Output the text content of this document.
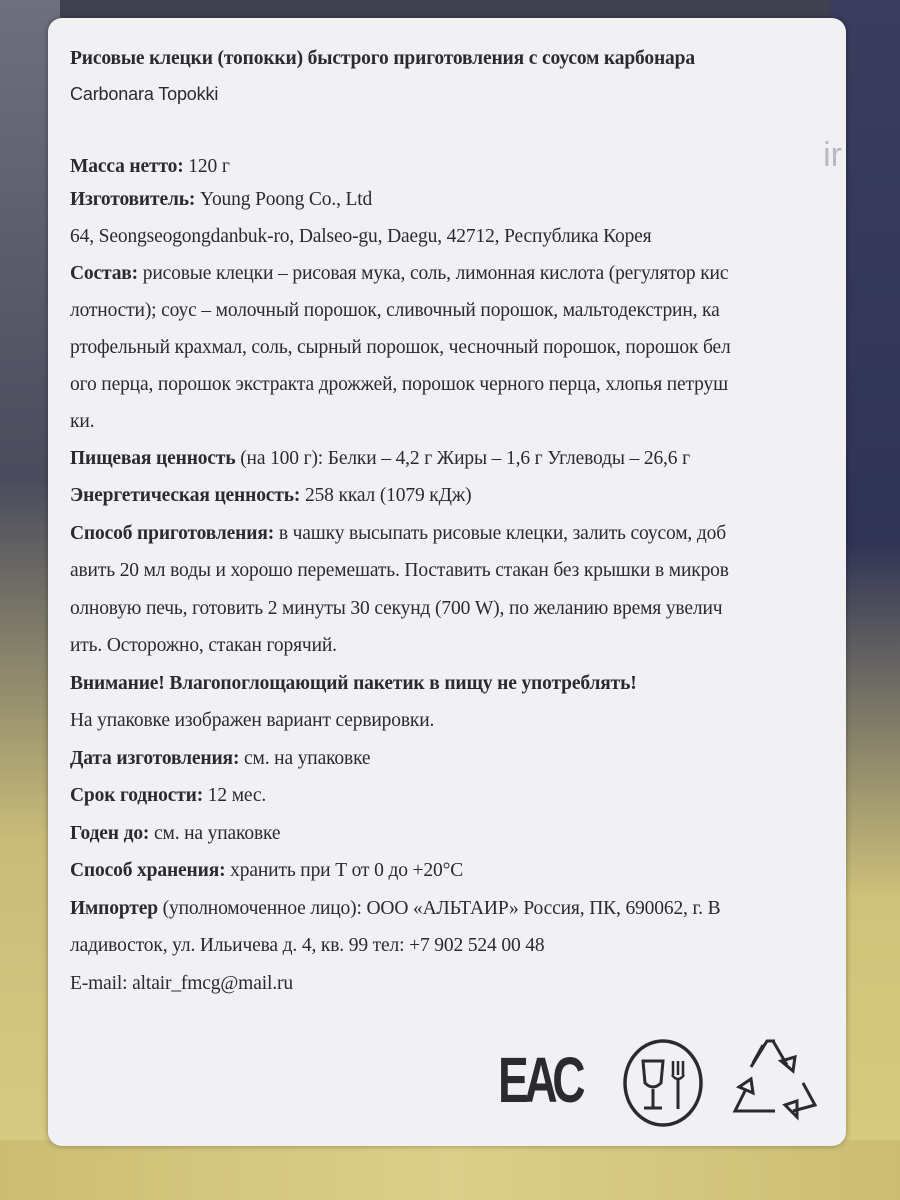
ir
Рисовые клецки (топокки) быстрого приготовления с соусом карбонара
Carbonara Topokki
Масса нетто: 120 г
Изготовитель: Young Poong Co., Ltd
64, Seongseogongdanbuk-ro, Dalseo-gu, Daegu, 42712, Республика Корея
Состав: рисовые клецки – рисовая мука, соль, лимонная кислота (регулятор кис
лотности); соус – молочный порошок, сливочный порошок, мальтодекстрин, ка
ртофельный крахмал, соль, сырный порошок, чесночный порошок, порошок бел
ого перца, порошок экстракта дрожжей, порошок черного перца, хлопья петруш
ки.
Пищевая ценность (на 100 г): Белки – 4,2 г Жиры – 1,6 г Углеводы – 26,6 г
Энергетическая ценность: 258 ккал (1079 кДж)
Способ приготовления: в чашку высыпать рисовые клецки, залить соусом, доб
авить 20 мл воды и хорошо перемешать. Поставить стакан без крышки в микров
олновую печь, готовить 2 минуты 30 секунд (700 W), по желанию время увелич
ить. Осторожно, стакан горячий.
Внимание! Влагопоглощающий пакетик в пищу не употреблять!
На упаковке изображен вариант сервировки.
Дата изготовления: см. на упаковке
Срок годности: 12 мес.
Годен до: см. на упаковке
Способ хранения: хранить при Т от 0 до +20°С
Импортер (уполномоченное лицо): ООО «АЛЬТАИР» Россия, ПК, 690062, г. В
ладивосток, ул. Ильичева д. 4, кв. 99 тел: +7 902 524 00 48
E-mail: altair_fmcg@mail.ru
ЕАС
